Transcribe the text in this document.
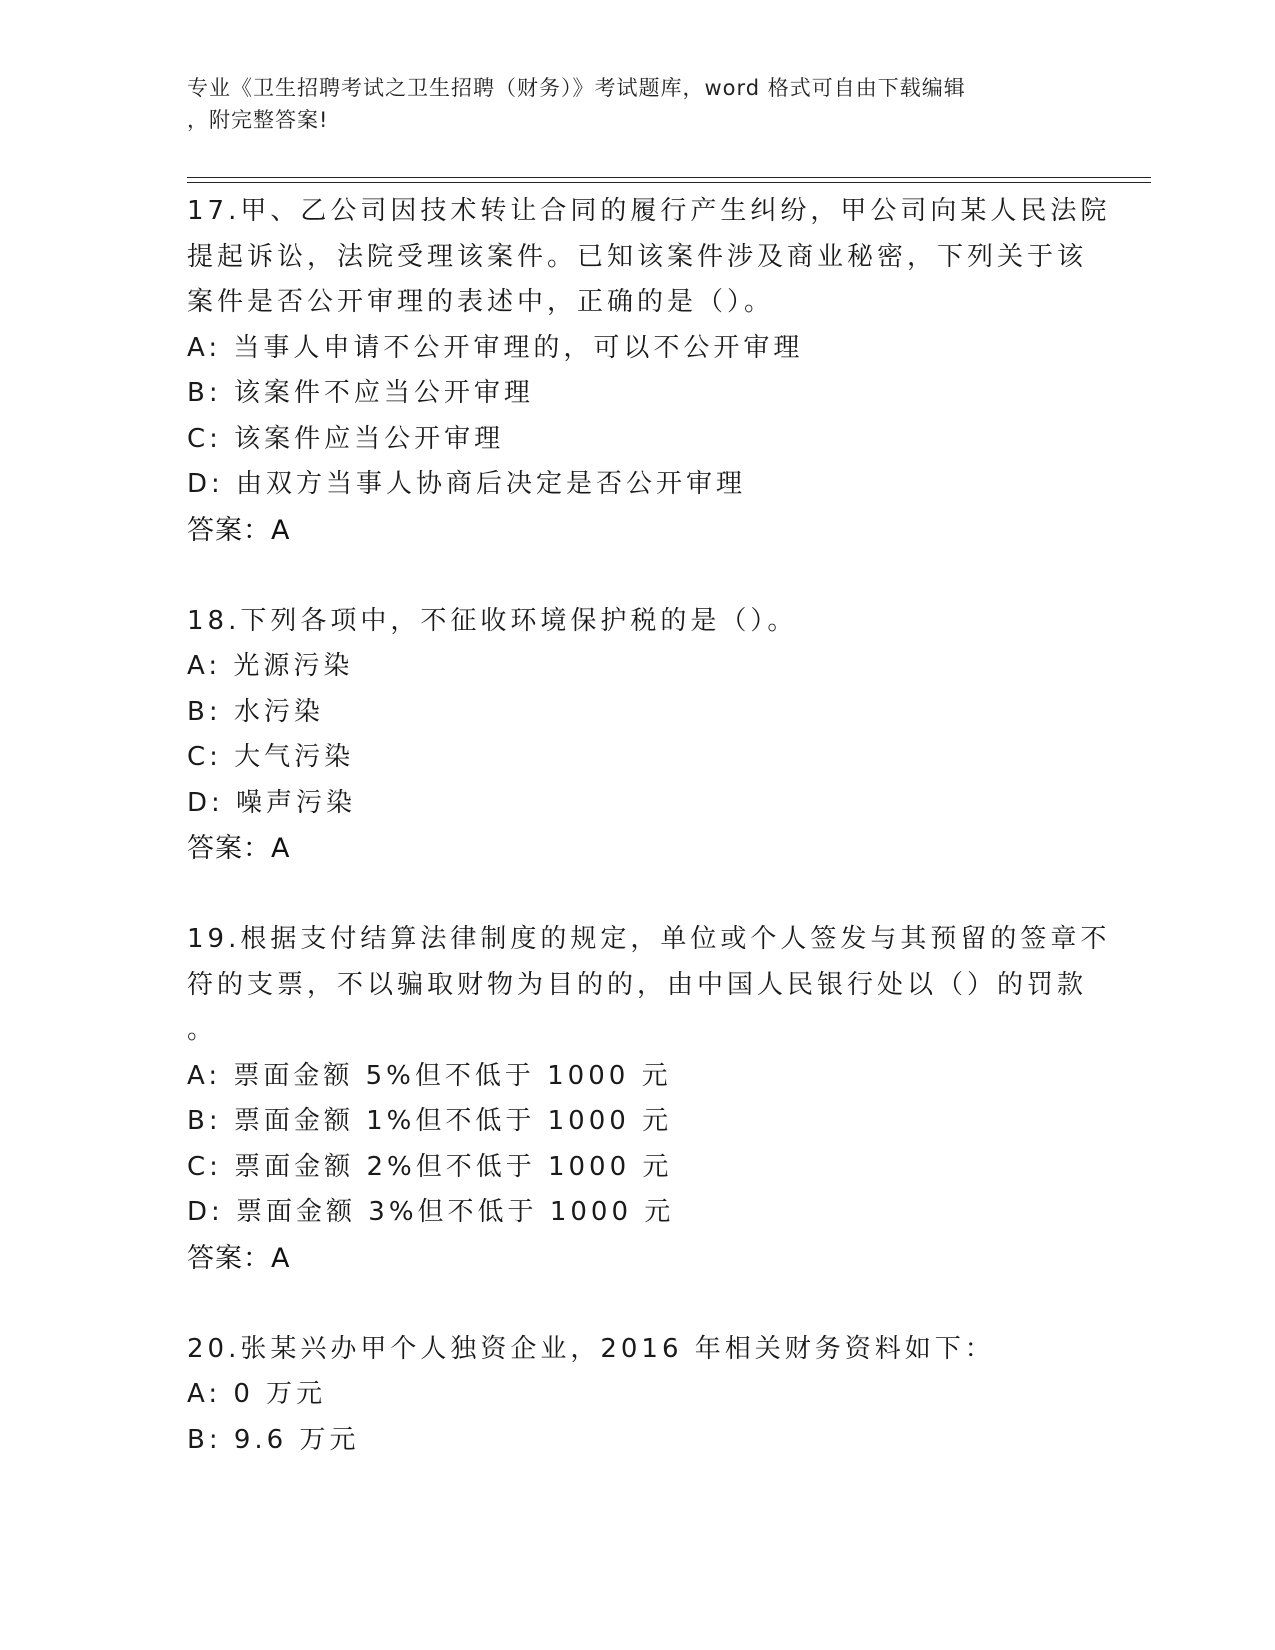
专业《卫生招聘考试之卫生招聘（财务）》考试题库，word 格式可自由下载编辑
，附完整答案!
17.甲、乙公司因技术转让合同的履行产生纠纷，甲公司向某人民法院
提起诉讼，法院受理该案件。已知该案件涉及商业秘密，下列关于该
案件是否公开审理的表述中，正确的是（）。
A: 当事人申请不公开审理的，可以不公开审理
B: 该案件不应当公开审理
C: 该案件应当公开审理
D: 由双方当事人协商后决定是否公开审理
答案：A
18.下列各项中，不征收环境保护税的是（）。
A: 光源污染
B: 水污染
C: 大气污染
D: 噪声污染
答案：A
19.根据支付结算法律制度的规定，单位或个人签发与其预留的签章不
符的支票，不以骗取财物为目的的，由中国人民银行处以（）的罚款
。
A: 票面金额 5%但不低于 1000 元
B: 票面金额 1%但不低于 1000 元
C: 票面金额 2%但不低于 1000 元
D: 票面金额 3%但不低于 1000 元
答案：A
20.张某兴办甲个人独资企业，2016 年相关财务资料如下：
A: 0 万元
B: 9.6 万元
